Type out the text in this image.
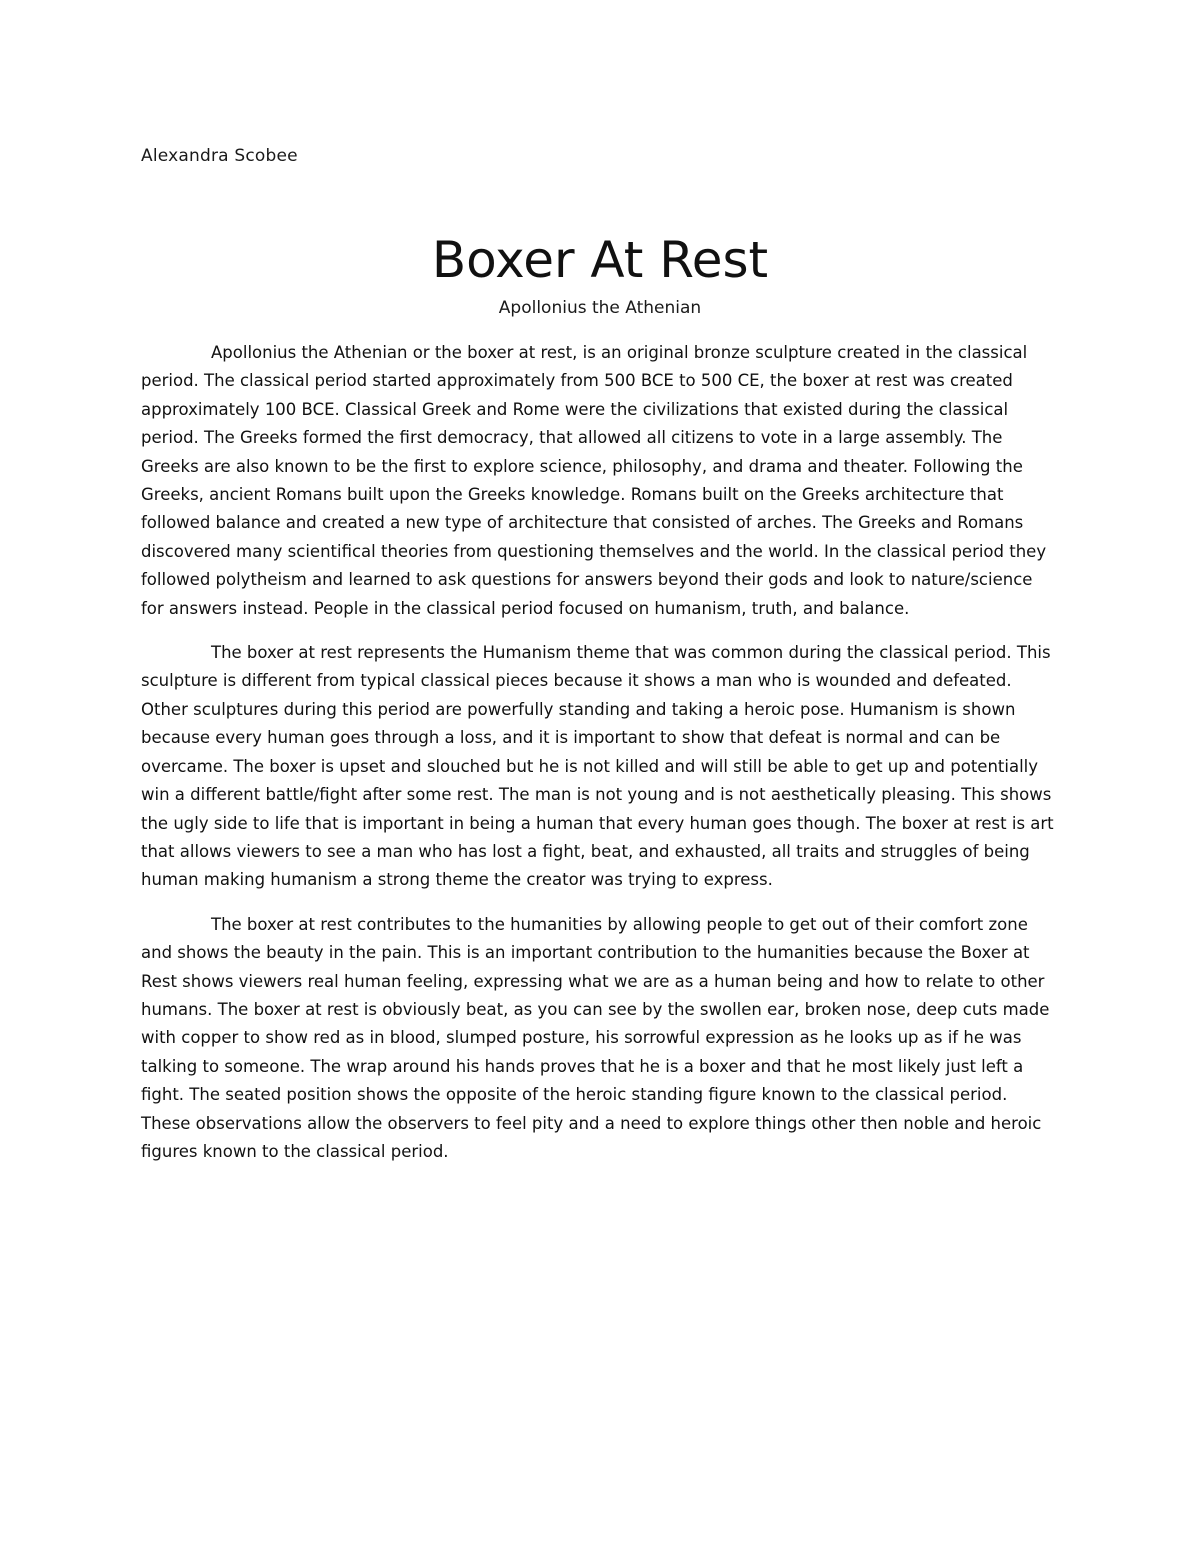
Alexandra Scobee
Boxer At Rest
Apollonius the Athenian

Apollonius the Athenian or the boxer at rest, is an original bronze sculpture created in the classical period. The classical period started approximately from 500 BCE to 500 CE, the boxer at rest was created approximately 100 BCE. Classical Greek and Rome were the civilizations that existed during the classical period. The Greeks formed the first democracy, that allowed all citizens to vote in a large assembly. The Greeks are also known to be the first to explore science, philosophy, and drama and theater. Following the Greeks, ancient Romans built upon the Greeks knowledge. Romans built on the Greeks architecture that followed balance and created a new type of architecture that consisted of arches. The Greeks and Romans discovered many scientifical theories from questioning themselves and the world. In the classical period they followed polytheism and learned to ask questions for answers beyond their gods and look to nature/science for answers instead. People in the classical period focused on humanism, truth, and balance.

The boxer at rest represents the Humanism theme that was common during the classical period. This sculpture is different from typical classical pieces because it shows a man who is wounded and defeated. Other sculptures during this period are powerfully standing and taking a heroic pose. Humanism is shown because every human goes through a loss, and it is important to show that defeat is normal and can be overcame. The boxer is upset and slouched but he is not killed and will still be able to get up and potentially win a different battle/fight after some rest. The man is not young and is not aesthetically pleasing. This shows the ugly side to life that is important in being a human that every human goes though. The boxer at rest is art that allows viewers to see a man who has lost a fight, beat, and exhausted, all traits and struggles of being human making humanism a strong theme the creator was trying to express.

The boxer at rest contributes to the humanities by allowing people to get out of their comfort zone and shows the beauty in the pain. This is an important contribution to the humanities because the Boxer at Rest shows viewers real human feeling, expressing what we are as a human being and how to relate to other humans. The boxer at rest is obviously beat, as you can see by the swollen ear, broken nose, deep cuts made with copper to show red as in blood, slumped posture, his sorrowful expression as he looks up as if he was talking to someone. The wrap around his hands proves that he is a boxer and that he most likely just left a fight. The seated position shows the opposite of the heroic standing figure known to the classical period. These observations allow the observers to feel pity and a need to explore things other then noble and heroic figures known to the classical period.
